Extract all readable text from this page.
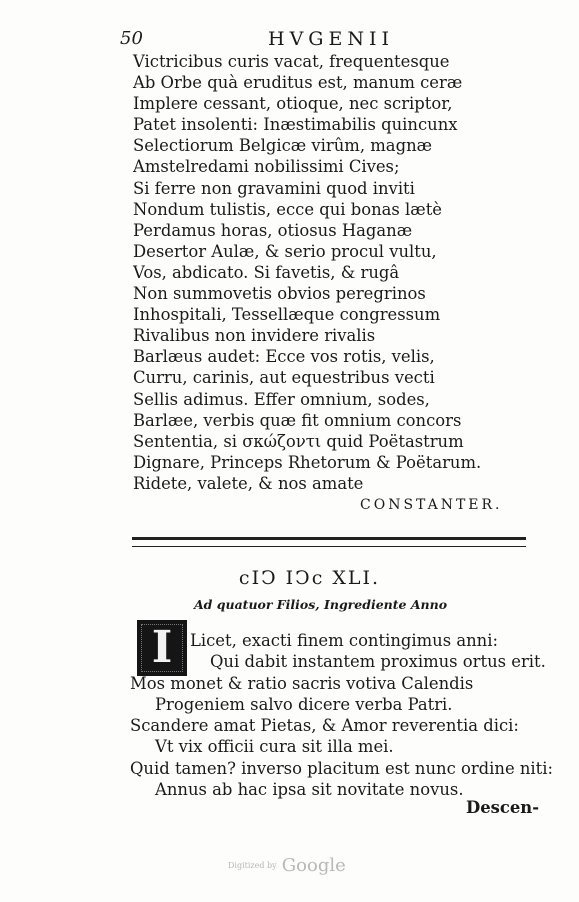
50	HVGENII
Victricibus curis vacat, frequentesque
Ab Orbe quà eruditus est, manum ceræ
Implere cessant, otioque, nec scriptor,
Patet insolenti: Inæstimabilis quincunx
Selectiorum Belgicæ virûm, magnæ
Amstelredami nobilissimi Cives;
Si ferre non gravamini quod inviti
Nondum tulistis, ecce qui bonas lætè
Perdamus horas, otiosus Haganæ
Desertor Aulæ, & serio procul vultu,
Vos, abdicato. Si favetis, & rugâ
Non summovetis obvios peregrinos
Inhospitali, Tessellæque congressum
Rivalibus non invidere rivalis
Barlæus audet: Ecce vos rotis, velis,
Curru, carinis, aut equestribus vecti
Sellis adimus. Effer omnium, sodes,
Barlæe, verbis quæ fit omnium concors
Sententia, si σκώζοντι quid Poëtastrum
Dignare, Princeps Rhetorum & Poëtarum.
Ridete, valete, & nos amate
CONSTANTER.
cIↃ IↃc XLI.
Ad quatuor Filios, Ingrediente Anno
I	Licet, exacti finem contingimus anni:
Qui dabit instantem proximus ortus erit.
Mos monet & ratio sacris votiva Calendis
Progeniem salvo dicere verba Patri.
Scandere amat Pietas, & Amor reverentia dici:
Vt vix officii cura sit illa mei.
Quid tamen? inverso placitum est nunc ordine niti:
Annus ab hac ipsa sit novitate novus.
Descen-
Digitized by Google
